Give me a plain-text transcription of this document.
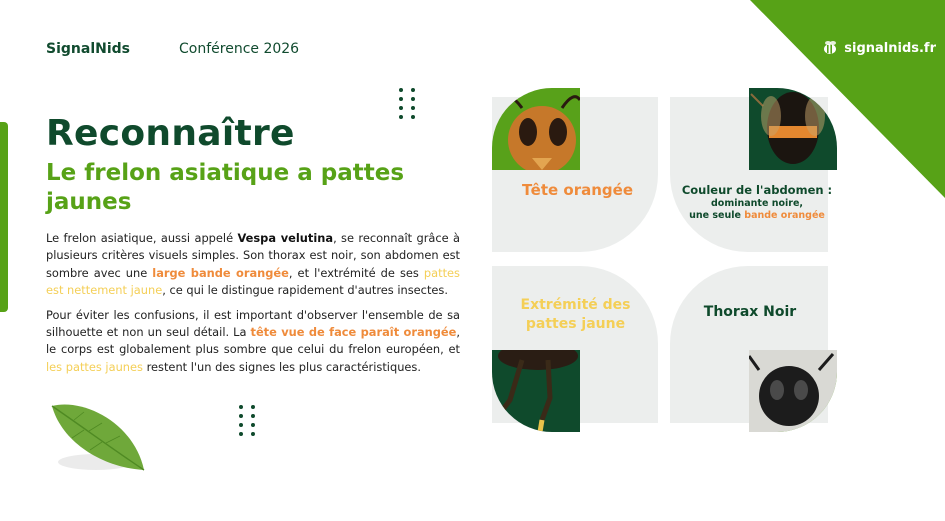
SignalNids	Conférence 2026	signalnids.fr
Reconnaître
Le frelon asiatique a pattes jaunes

Le frelon asiatique, aussi appelé Vespa velutina, se reconnaît grâce à plusieurs critères visuels simples. Son thorax est noir, son abdomen est sombre avec une large bande orangée, et l'extrémité de ses pattes est nettement jaune, ce qui le distingue rapidement d'autres insectes.

Pour éviter les confusions, il est important d'observer l'ensemble de sa silhouette et non un seul détail. La tête vue de face paraît orangée, le corps est globalement plus sombre que celui du frelon européen, et les pattes jaunes restent l'un des signes les plus caractéristiques.

Tête orangée	Couleur de l'abdomen :
dominante noire,
une seule bande orangée
Extrémité des pattes jaune
Thorax Noir
